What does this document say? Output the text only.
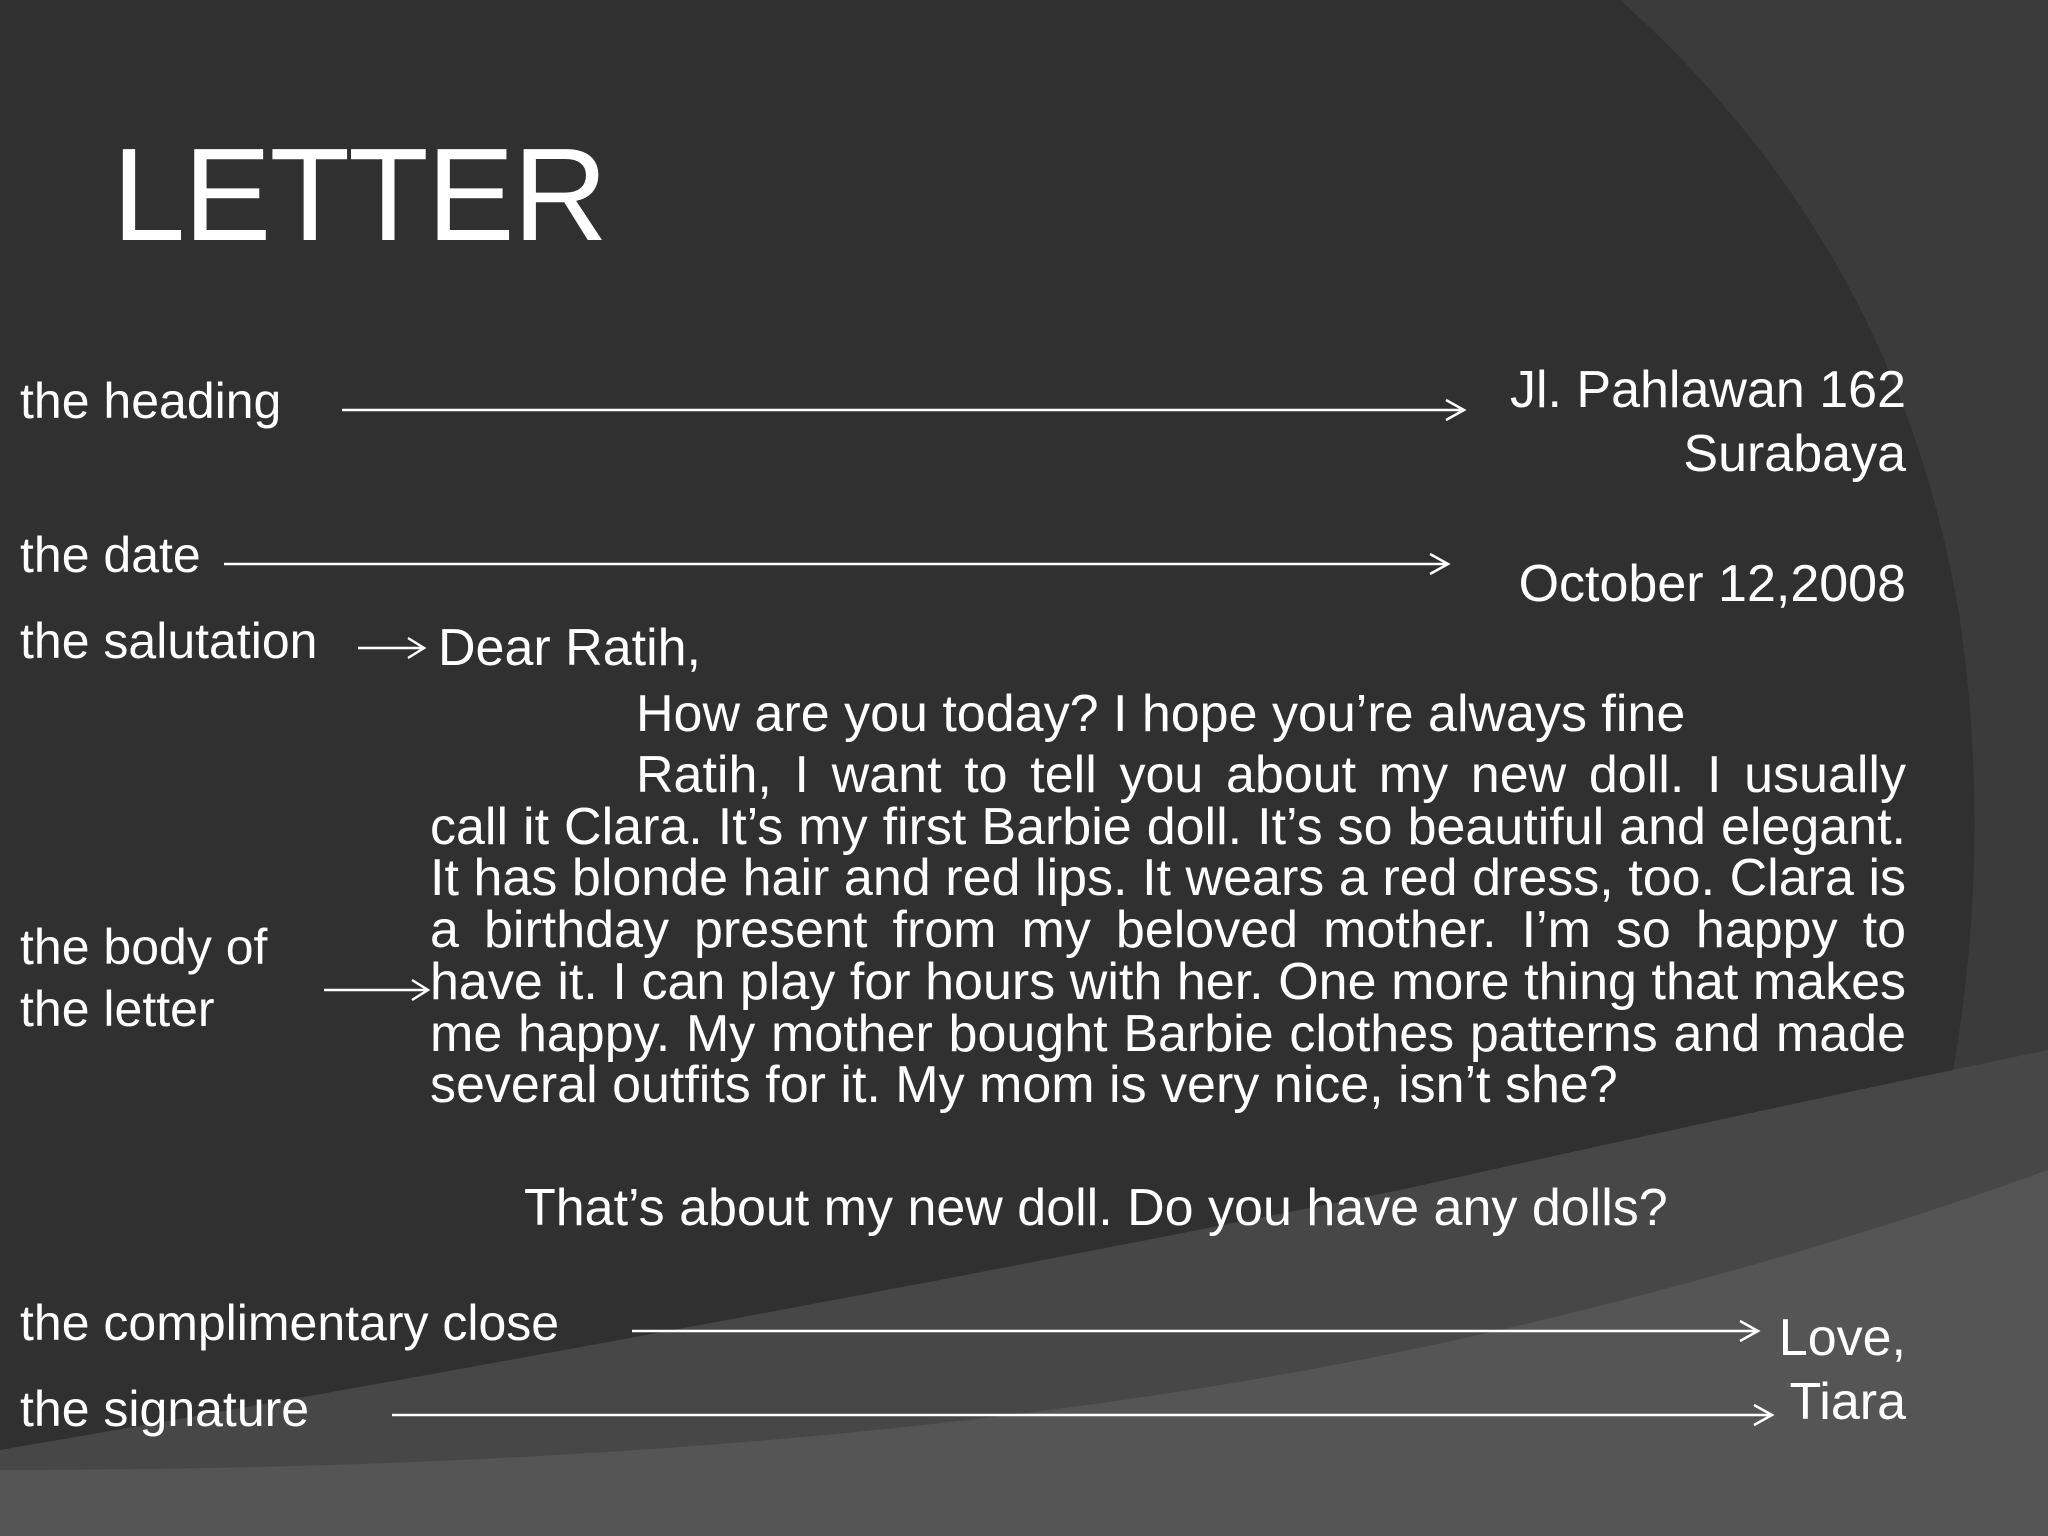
LETTER
the heading
the date
the salutation
the body of
the letter
the complimentary close
the signature
Jl. Pahlawan 162
Surabaya
October 12,2008
Dear Ratih,
How are you today? I hope you’re always fine
Ratih, I want to tell you about my new doll. I usually call it Clara. It’s my first Barbie doll. It’s so beautiful and elegant. It has blonde hair and red lips. It wears a red dress, too. Clara is a birthday present from my beloved mother. I’m so happy to have it. I can play for hours with her. One more thing that makes me happy. My mother bought Barbie clothes patterns and made several outfits for it. My mom is very nice, isn’t she?
That’s about my new doll. Do you have any dolls?
Love,
Tiara
